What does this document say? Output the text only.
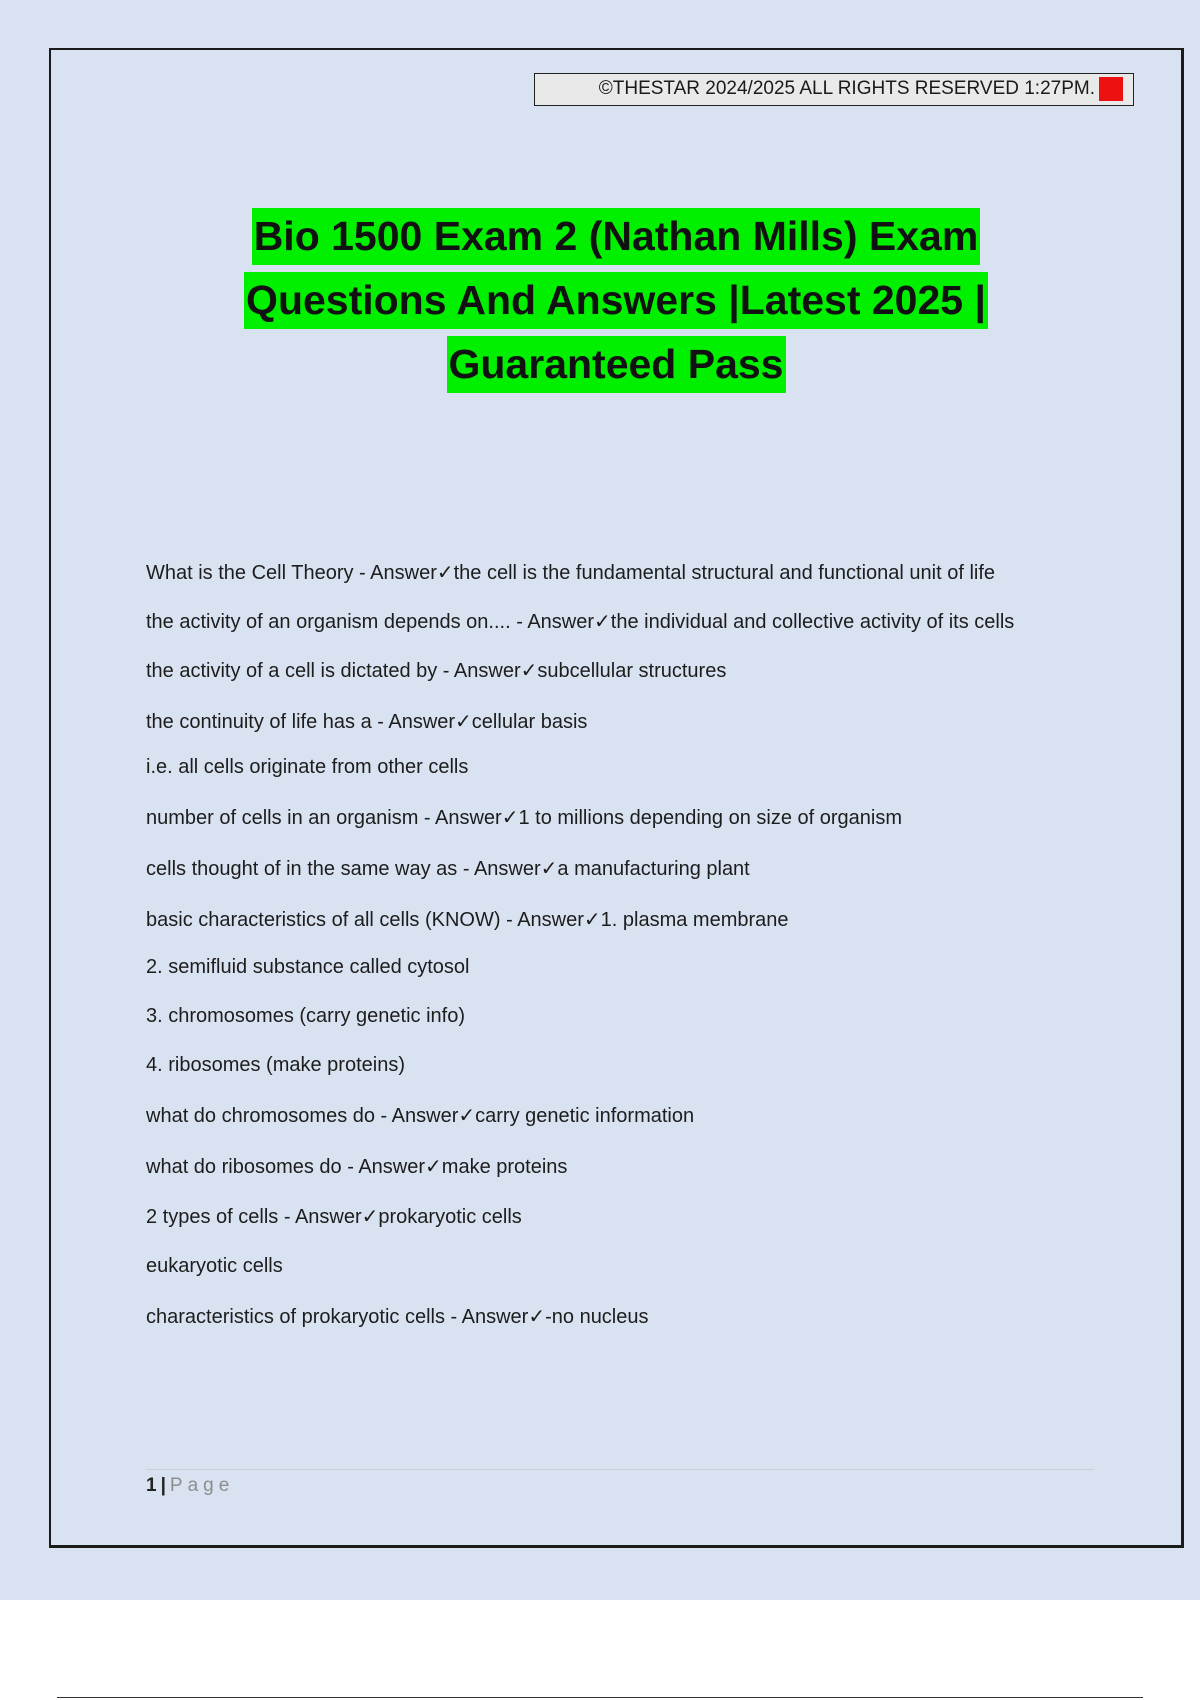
©THESTAR 2024/2025 ALL RIGHTS RESERVED 1:27PM. A+
Bio 1500 Exam 2 (Nathan Mills) Exam
Questions And Answers |Latest 2025 |
Guaranteed Pass

What is the Cell Theory - Answer✓the cell is the fundamental structural and functional unit of life

the activity of an organism depends on.... - Answer✓the individual and collective activity of its cells

the activity of a cell is dictated by - Answer✓subcellular structures

the continuity of life has a - Answer✓cellular basis

i.e. all cells originate from other cells

number of cells in an organism - Answer✓1 to millions depending on size of organism

cells thought of in the same way as - Answer✓a manufacturing plant

basic characteristics of all cells (KNOW) - Answer✓1. plasma membrane

2. semifluid substance called cytosol

3. chromosomes (carry genetic info)

4. ribosomes (make proteins)

what do chromosomes do - Answer✓carry genetic information

what do ribosomes do - Answer✓make proteins

2 types of cells - Answer✓prokaryotic cells

eukaryotic cells

characteristics of prokaryotic cells - Answer✓-no nucleus

1 | Page
